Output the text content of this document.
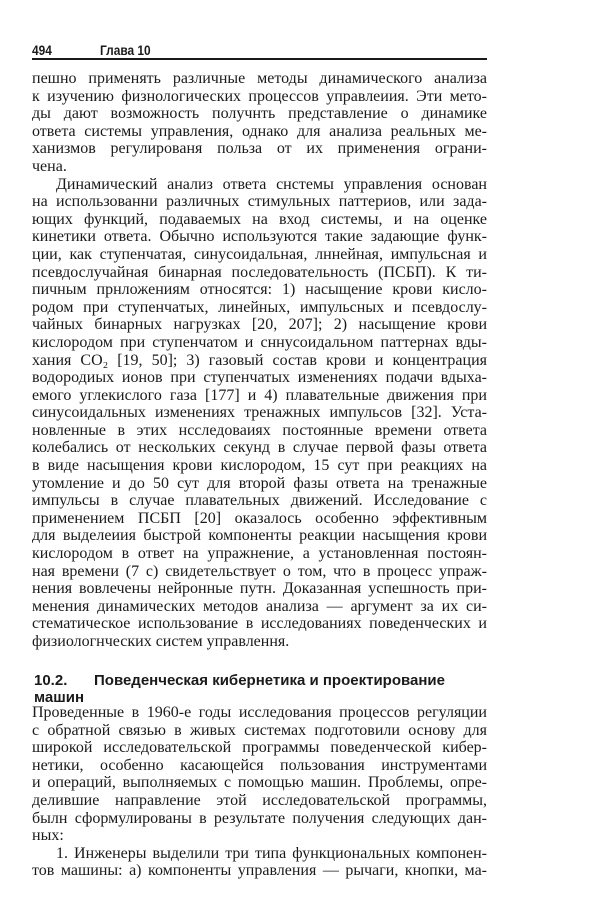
494	Глава 10
пешно применять различные методы динамического анализа
к изучению физнологических процессов управлеиия. Эти мето-
ды дают возможность получнть представление о динамике
ответа системы управления, однако для анализа реальных ме-
ханизмов регулированя польза от их применения ограни-
чена.
Динамический анализ ответа снстемы управления основан
на использованни различных стимульных паттериов, или зада-
ющих функций, подаваемых на вход системы, и на оценке
кинетики ответа. Обычно используются такие задающие функ-
ции, как ступенчатая, синусоидальная, лннейная, импульсная и
псевдослучайная бинарная последовательность (ПСБП). К ти-
пичным прнложениям относятся: 1) насыщение крови кисло-
родом при ступенчатых, линейных, импульсных и псевдослу-
чайных бинарных нагрузках [20, 207]; 2) насыщение крови
кислородом при ступенчатом и сннусоидальном паттернах вды-
хания CO₂ [19, 50]; 3) газовый состав крови и концентрация
водородиых ионов при ступенчатых изменениях подачи вдыха-
емого углекислого газа [177] и 4) плавательные движения при
синусоидальных изменениях тренажных импульсов [32]. Уста-
новленные в этих нсследоваиях постоянные времени ответа
колебались от нескольких секунд в случае первой фазы ответа
в виде насыщения крови кислородом, 15 сут при реакциях на
утомление и до 50 сут для второй фазы ответа на тренажные
импульсы в случае плавательных движений. Исследование с
применением ПСБП [20] оказалось особенно эффективным
для выделеиия быстрой компоненты реакции насыщения крови
кислородом в ответ на упражнение, а установленная постоян-
ная времени (7 с) свидетельствует о том, что в процесс упраж-
нения вовлечены нейронные путн. Доказанная успешность при-
менения динамических методов анализа — аргумент за их си-
стематическое использование в исследованиях поведенческих и
физиологнческих систем управлення.
10.2. Поведенческая кибернетика и проектирование машин
Проведенные в 1960-е годы исследования процессов регуляции
с обратной связью в живых системах подготовили основу для
широкой исследовательской программы поведенческой кибер-
нетики, особенно касающейся пользования инструментами
и операций, выполняемых с помощью машин. Проблемы, опре-
делившие направление этой исследовательской программы,
былн сформулированы в результате получения следующих дан-
ных:
1. Инженеры выделили три типа функциональных компонен-
тов машины: а) компоненты управления — рычаги, кнопки, ма-
